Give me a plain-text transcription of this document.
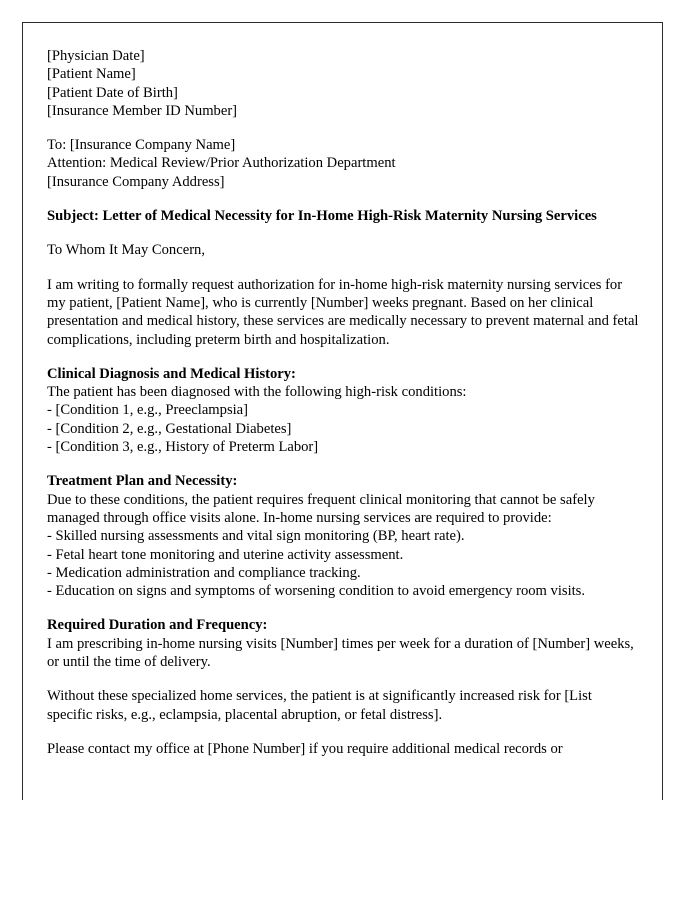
[Physician Date]
[Patient Name]
[Patient Date of Birth]
[Insurance Member ID Number]
To: [Insurance Company Name]
Attention: Medical Review/Prior Authorization Department
[Insurance Company Address]
Subject: Letter of Medical Necessity for In-Home High-Risk Maternity Nursing Services
To Whom It May Concern,
I am writing to formally request authorization for in-home high-risk maternity nursing services for my patient, [Patient Name], who is currently [Number] weeks pregnant. Based on her clinical presentation and medical history, these services are medically necessary to prevent maternal and fetal complications, including preterm birth and hospitalization.
Clinical Diagnosis and Medical History:
The patient has been diagnosed with the following high-risk conditions:
- [Condition 1, e.g., Preeclampsia]
- [Condition 2, e.g., Gestational Diabetes]
- [Condition 3, e.g., History of Preterm Labor]
Treatment Plan and Necessity:
Due to these conditions, the patient requires frequent clinical monitoring that cannot be safely managed through office visits alone. In-home nursing services are required to provide:
- Skilled nursing assessments and vital sign monitoring (BP, heart rate).
- Fetal heart tone monitoring and uterine activity assessment.
- Medication administration and compliance tracking.
- Education on signs and symptoms of worsening condition to avoid emergency room visits.
Required Duration and Frequency:
I am prescribing in-home nursing visits [Number] times per week for a duration of [Number] weeks, or until the time of delivery.
Without these specialized home services, the patient is at significantly increased risk for [List specific risks, e.g., eclampsia, placental abruption, or fetal distress].
Please contact my office at [Phone Number] if you require additional medical records or
